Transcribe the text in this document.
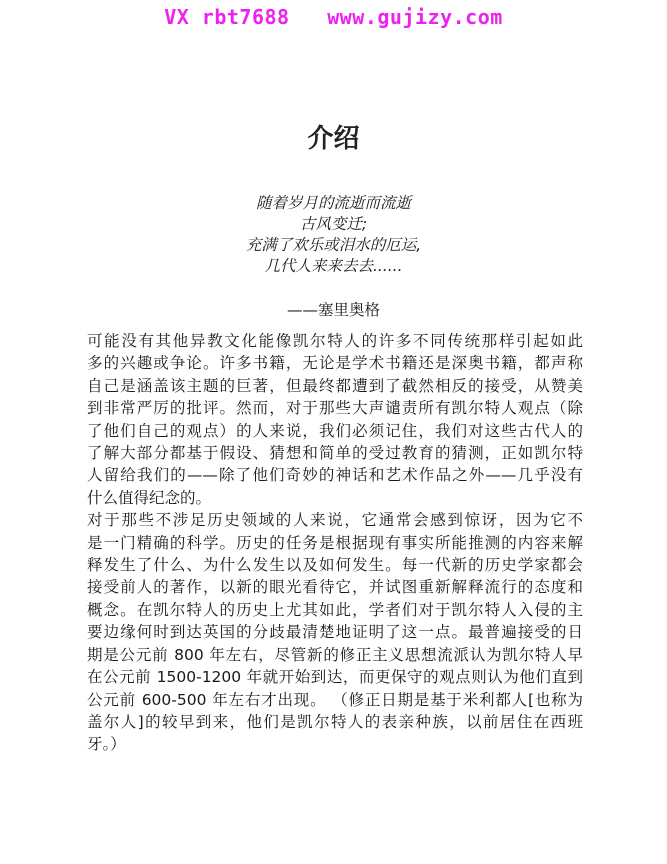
VX rbt7688   www.gujizy.com
介绍
随着岁月的流逝而流逝
古风变迁;
充满了欢乐或泪水的厄运,
几代人来来去去......
——塞里奥格
可能没有其他异教文化能像凯尔特人的许多不同传统那样引起如此
多的兴趣或争论。许多书籍，无论是学术书籍还是深奥书籍，都声称
自己是涵盖该主题的巨著，但最终都遭到了截然相反的接受，从赞美
到非常严厉的批评。然而，对于那些大声谴责所有凯尔特人观点（除
了他们自己的观点）的人来说，我们必须记住，我们对这些古代人的
了解大部分都基于假设、猜想和简单的受过教育的猜测，正如凯尔特
人留给我们的——除了他们奇妙的神话和艺术作品之外——几乎没有
什么值得纪念的。
对于那些不涉足历史领域的人来说，它通常会感到惊讶，因为它不
是一门精确的科学。历史的任务是根据现有事实所能推测的内容来解
释发生了什么、为什么发生以及如何发生。每一代新的历史学家都会
接受前人的著作，以新的眼光看待它，并试图重新解释流行的态度和
概念。在凯尔特人的历史上尤其如此，学者们对于凯尔特人入侵的主
要边缘何时到达英国的分歧最清楚地证明了这一点。最普遍接受的日
期是公元前 800 年左右，尽管新的修正主义思想流派认为凯尔特人早
在公元前 1500-1200 年就开始到达，而更保守的观点则认为他们直到
公元前 600-500 年左右才出现。 （修正日期是基于米利都人[也称为
盖尔人]的较早到来，他们是凯尔特人的表亲种族，以前居住在西班
牙。）
